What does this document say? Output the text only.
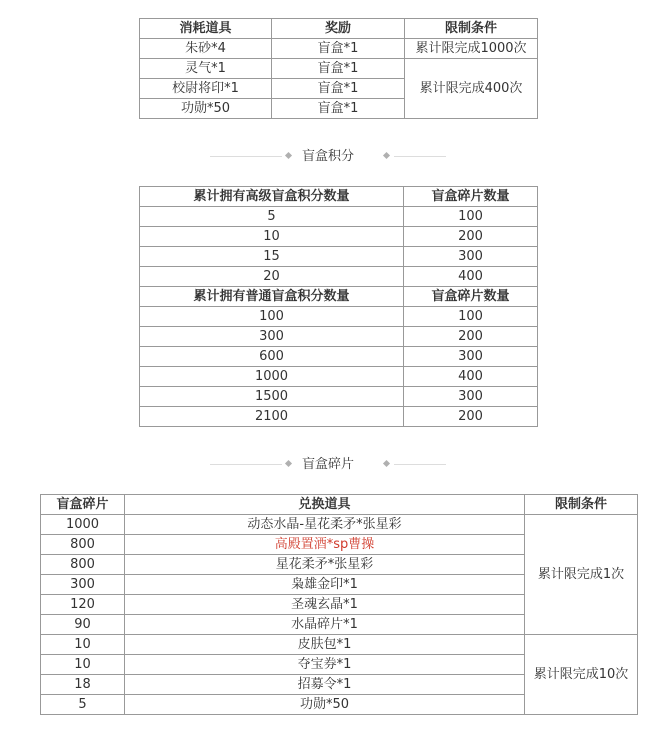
消耗道具	奖励	限制条件
朱砂*4	盲盒*1	累计限完成1000次
灵气*1	盲盒*1	累计限完成400次
校尉将印*1	盲盒*1	
功勋*50	盲盒*1	
盲盒积分
累计拥有高级盲盒积分数量	盲盒碎片数量
5	100
10	200
15	300
20	400
累计拥有普通盲盒积分数量	盲盒碎片数量
100	100
300	200
600	300
1000	400
1500	300
2100	200
盲盒碎片
盲盒碎片	兑换道具	限制条件
1000	动态水晶-星花柔矛*张星彩	累计限完成1次
800	高殿置酒*sp曹操	
800	星花柔矛*张星彩	
300	枭雄金印*1	
120	圣魂玄晶*1	
90	水晶碎片*1	
10	皮肤包*1	累计限完成10次
10	夺宝券*1	
18	招募令*1	
5	功勋*50	
